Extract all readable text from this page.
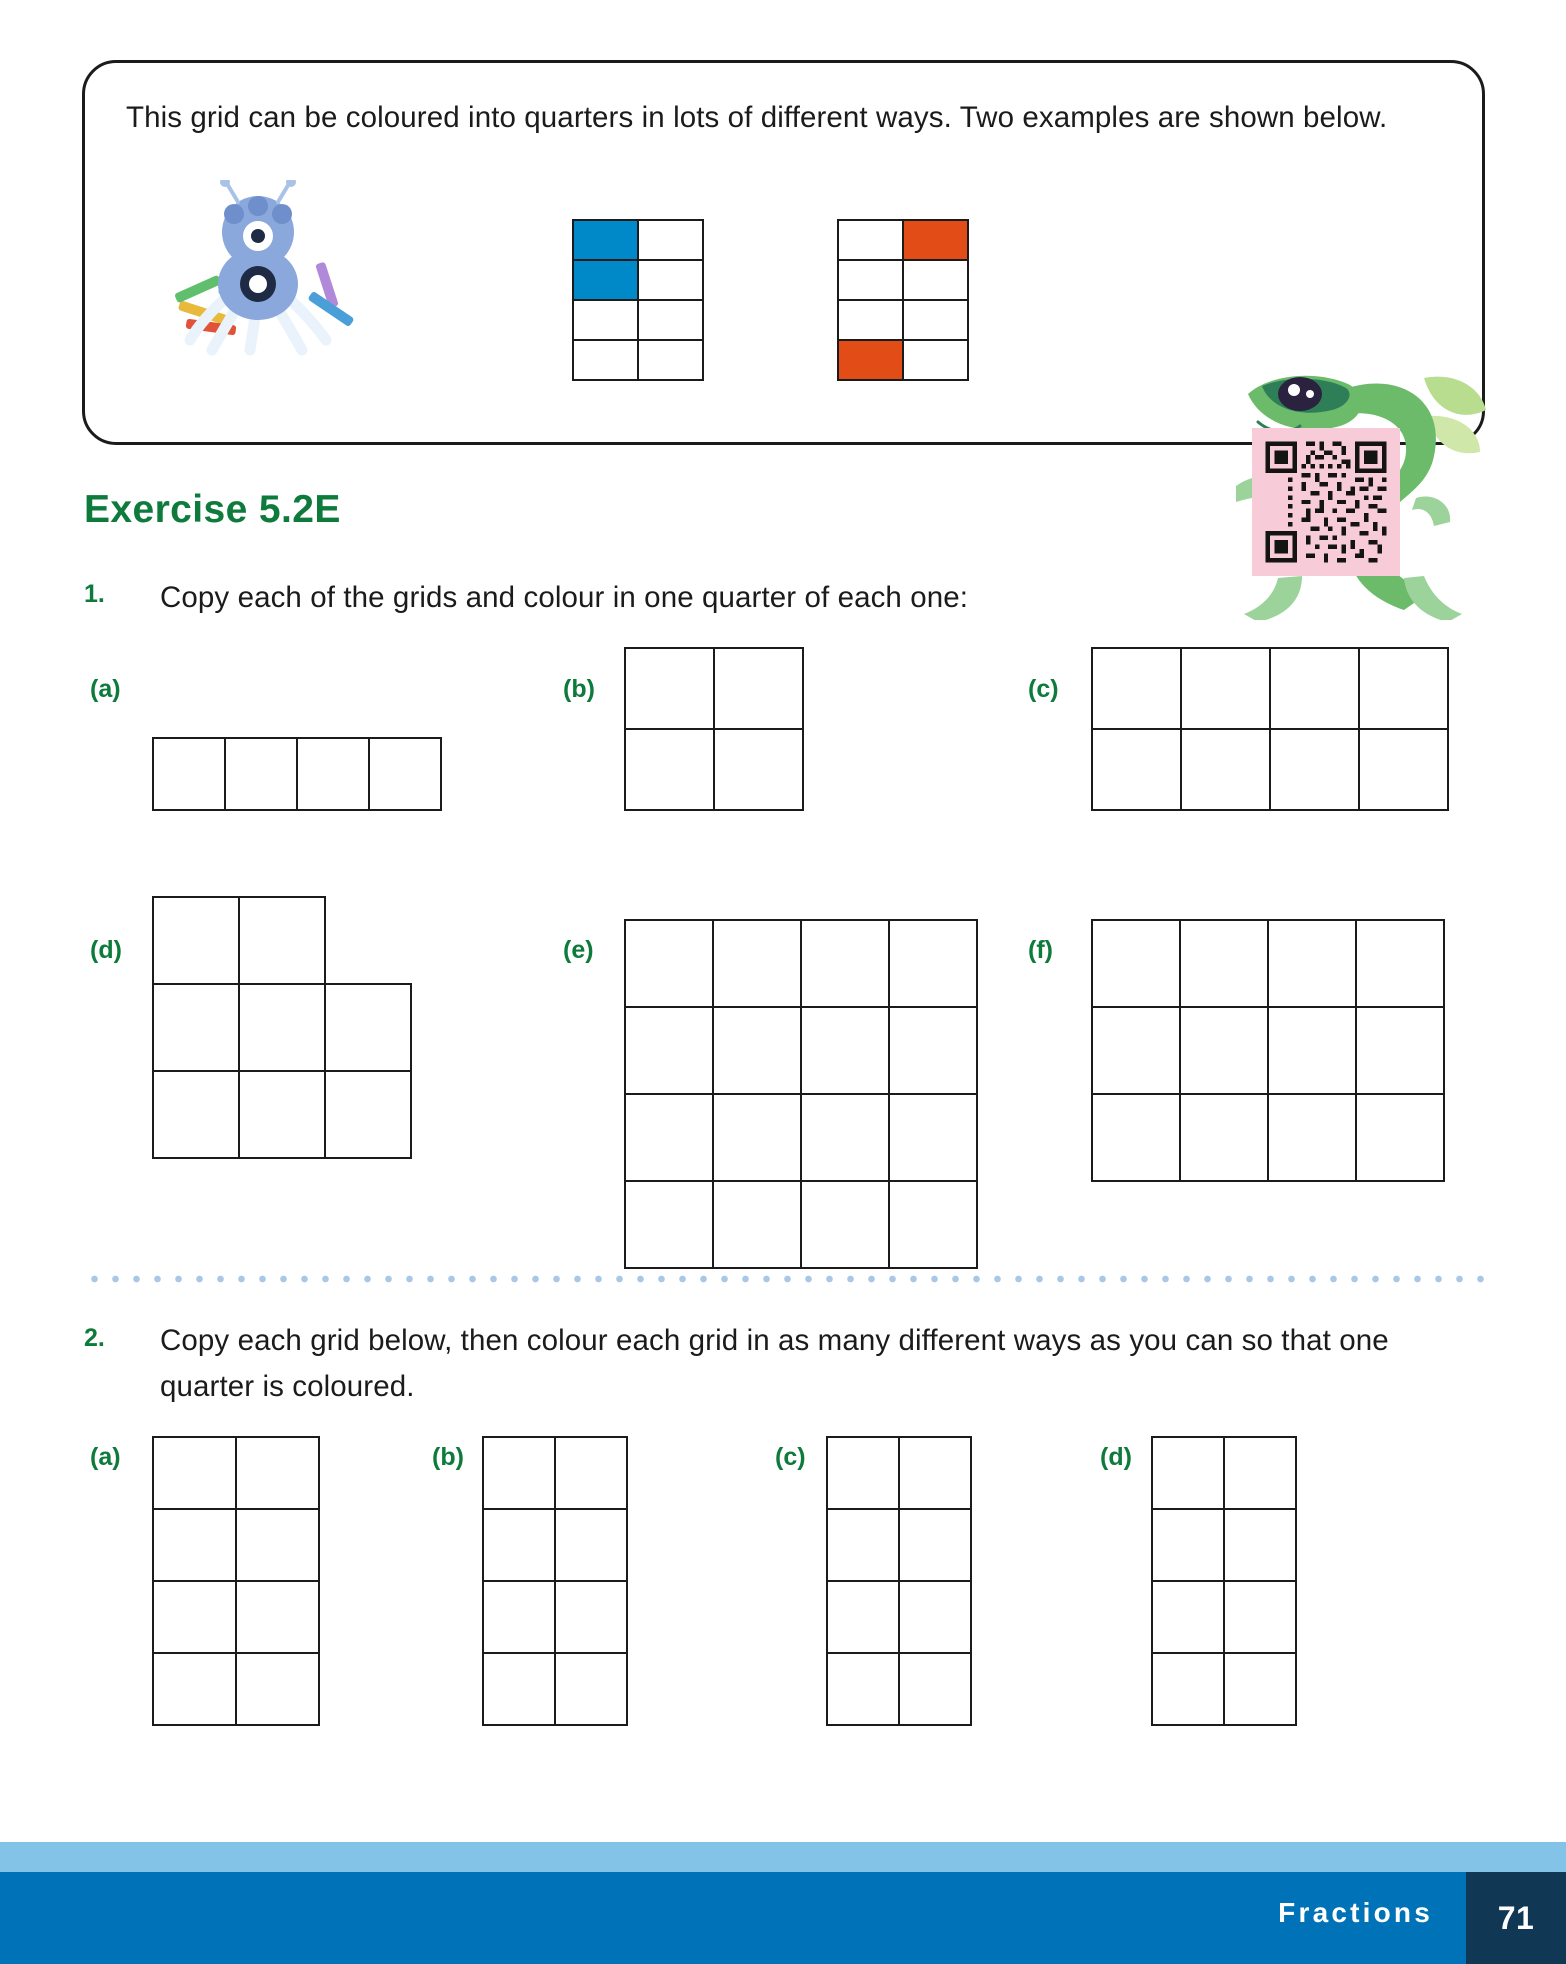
This grid can be coloured into quarters in lots of different ways. Two examples are shown below.
Exercise 5.2E
1. Copy each of the grids and colour in one quarter of each one:
(a)	(b)	(c)
(d)	(e)	(f)
2. Copy each grid below, then colour each grid in as many different ways as you can so that one quarter is coloured.
(a)	(b)	(c)	(d)
Fractions 71
